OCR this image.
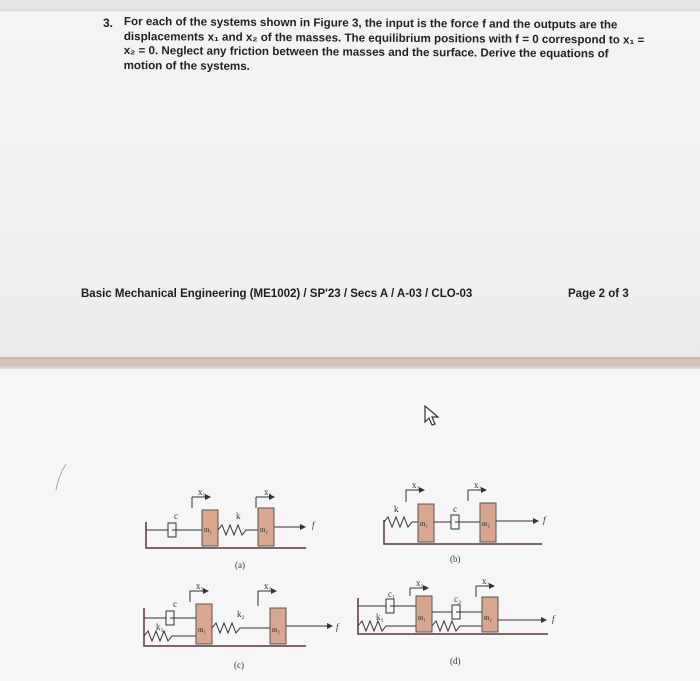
3. For each of the systems shown in Figure 3, the input is the force f and the outputs are the
displacements x₁ and x₂ of the masses. The equilibrium positions with f = 0 correspond to x₁ =
x₂ = 0. Neglect any friction between the masses and the surface. Derive the equations of
motion of the systems.
Basic Mechanical Engineering (ME1002) / SP'23 / Secs A / A-03 / CLO-03	Page 2 of 3
x₁	x₂
c	k
m₁	m₂	f
(a)
x₁	x₂
k	c
m₁	m₂	f
(b)
x₁	x₂
c
k₁
k₂
m₁	m₂	f
(c)
x₁	x₂
c₁	c₂
k₁	m₁	m₂	f
(d)
